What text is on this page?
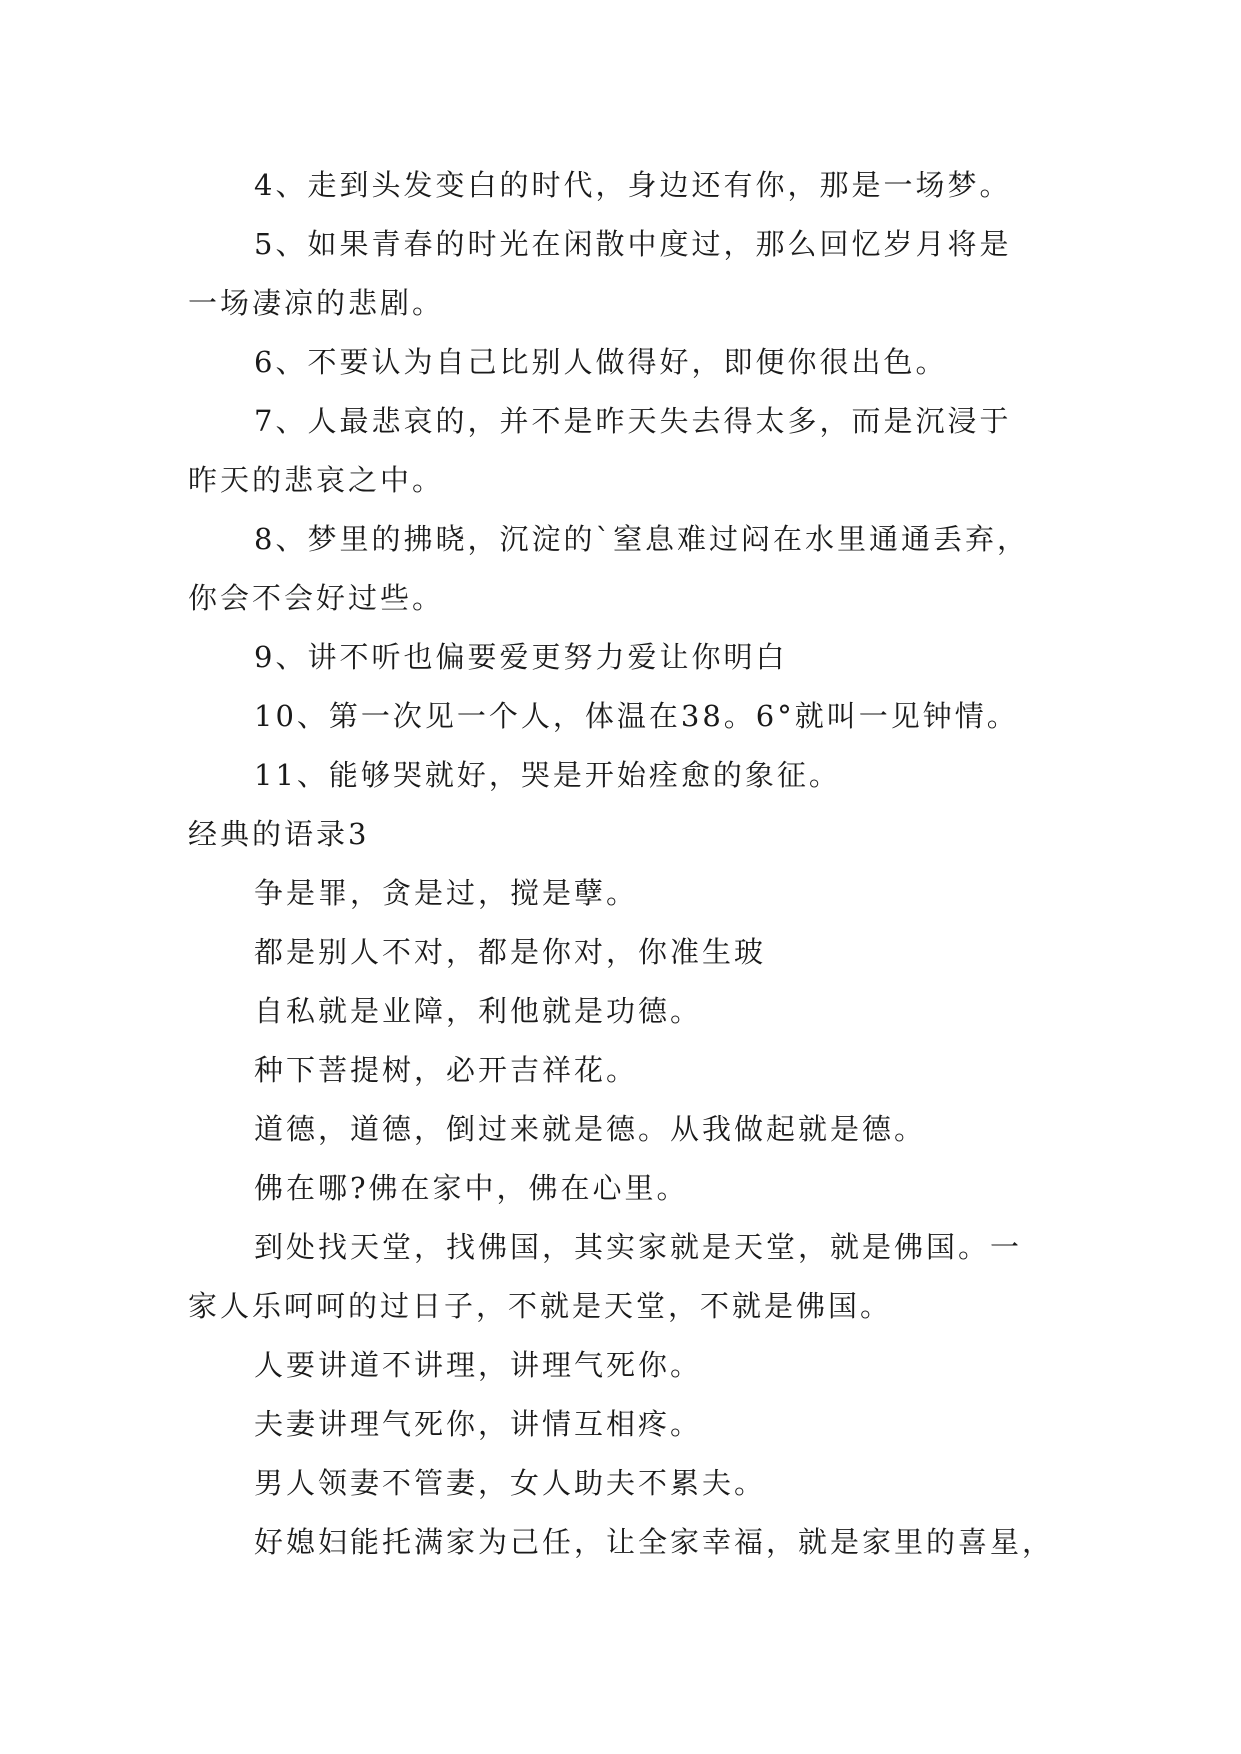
4、走到头发变白的时代，身边还有你，那是一场梦。
5、如果青春的时光在闲散中度过，那么回忆岁月将是
一场凄凉的悲剧。
6、不要认为自己比别人做得好，即便你很出色。
7、人最悲哀的，并不是昨天失去得太多，而是沉浸于
昨天的悲哀之中。
8、梦里的拂晓，沉淀的`窒息难过闷在水里通通丢弃，
你会不会好过些。
9、讲不听也偏要爱更努力爱让你明白
10、第一次见一个人，体温在38。6°就叫一见钟情。
11、能够哭就好，哭是开始痊愈的象征。
经典的语录3
争是罪，贪是过，搅是孽。
都是别人不对，都是你对，你准生玻
自私就是业障，利他就是功德。
种下菩提树，必开吉祥花。
道德，道德，倒过来就是德。从我做起就是德。
佛在哪?佛在家中，佛在心里。
到处找天堂，找佛国，其实家就是天堂，就是佛国。一
家人乐呵呵的过日子，不就是天堂，不就是佛国。
人要讲道不讲理，讲理气死你。
夫妻讲理气死你，讲情互相疼。
男人领妻不管妻，女人助夫不累夫。
好媳妇能托满家为己任，让全家幸福，就是家里的喜星，
